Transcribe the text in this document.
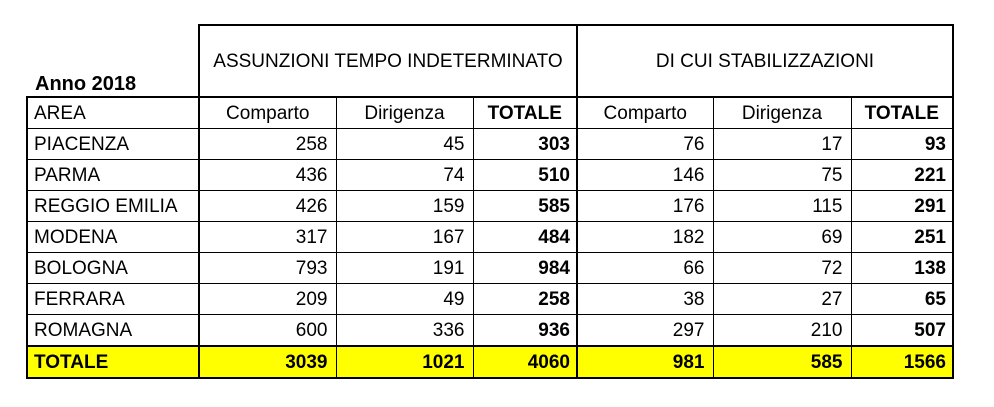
Anno 2018	ASSUNZIONI TEMPO INDETERMINATO			DI CUI STABILIZZAZIONI		
AREA	Comparto	Dirigenza	TOTALE	Comparto	Dirigenza	TOTALE
PIACENZA	258	45	303	76	17	93
PARMA	436	74	510	146	75	221
REGGIO EMILIA	426	159	585	176	115	291
MODENA	317	167	484	182	69	251
BOLOGNA	793	191	984	66	72	138
FERRARA	209	49	258	38	27	65
ROMAGNA	600	336	936	297	210	507
TOTALE	3039	1021	4060	981	585	1566
